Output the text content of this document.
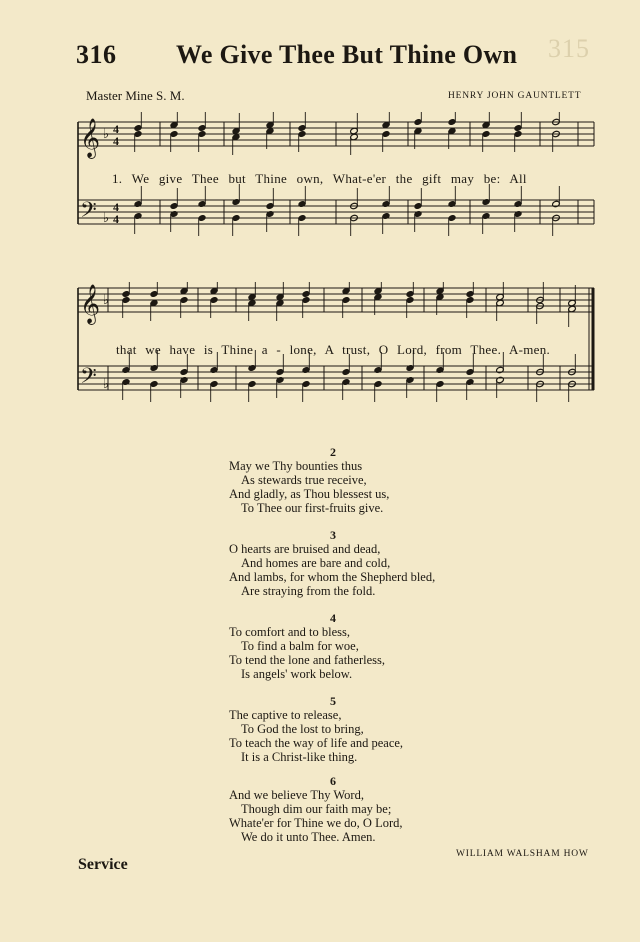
315
316 We Give Thee But Thine Own
Master Mine S. M.	HENRY JOHN GAUNTLETT
𝄞
𝄢
♭
♭
4
4
4
4
1. We give Thee but Thine own, What-e'er the gift may be: All
𝄞
𝄢
♭
♭
that we have is Thine a - lone, A trust, O Lord, from Thee. A-men.
2
May we Thy bounties thus
As stewards true receive,
And gladly, as Thou blessest us,
To Thee our first-fruits give.
3
O hearts are bruised and dead,
And homes are bare and cold,
And lambs, for whom the Shepherd bled,
Are straying from the fold.
4
To comfort and to bless,
To find a balm for woe,
To tend the lone and fatherless,
Is angels' work below.
5
The captive to release,
To God the lost to bring,
To teach the way of life and peace,
It is a Christ-like thing.
6
And we believe Thy Word,
Though dim our faith may be;
Whate'er for Thine we do, O Lord,
We do it unto Thee. Amen.
WILLIAM WALSHAM HOW
Service
